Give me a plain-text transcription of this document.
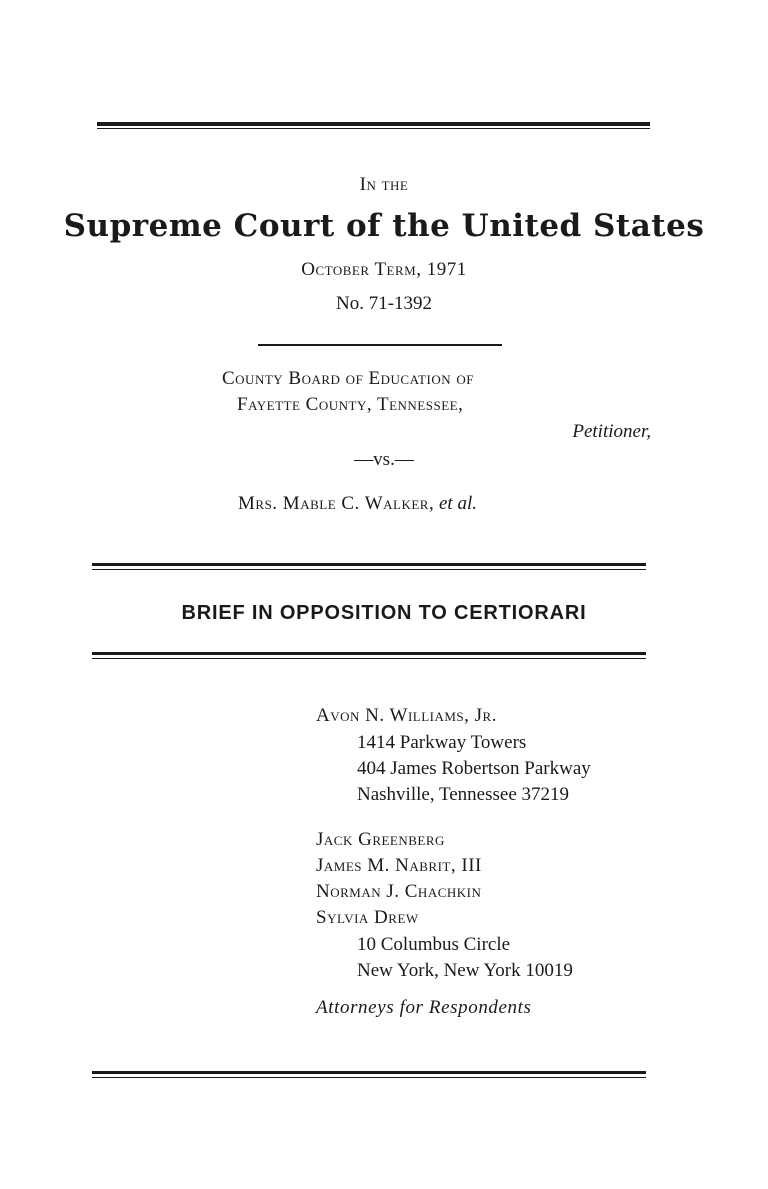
In the
Supreme Court of the United States
October Term, 1971
No. 71-1392
County Board of Education of
Fayette County, Tennessee,
Petitioner,
—vs.—
Mrs. Mable C. Walker, et al.
BRIEF IN OPPOSITION TO CERTIORARI
Avon N. Williams, Jr.
1414 Parkway Towers
404 James Robertson Parkway
Nashville, Tennessee 37219
Jack Greenberg
James M. Nabrit, III
Norman J. Chachkin
Sylvia Drew
10 Columbus Circle
New York, New York 10019
Attorneys for Respondents
